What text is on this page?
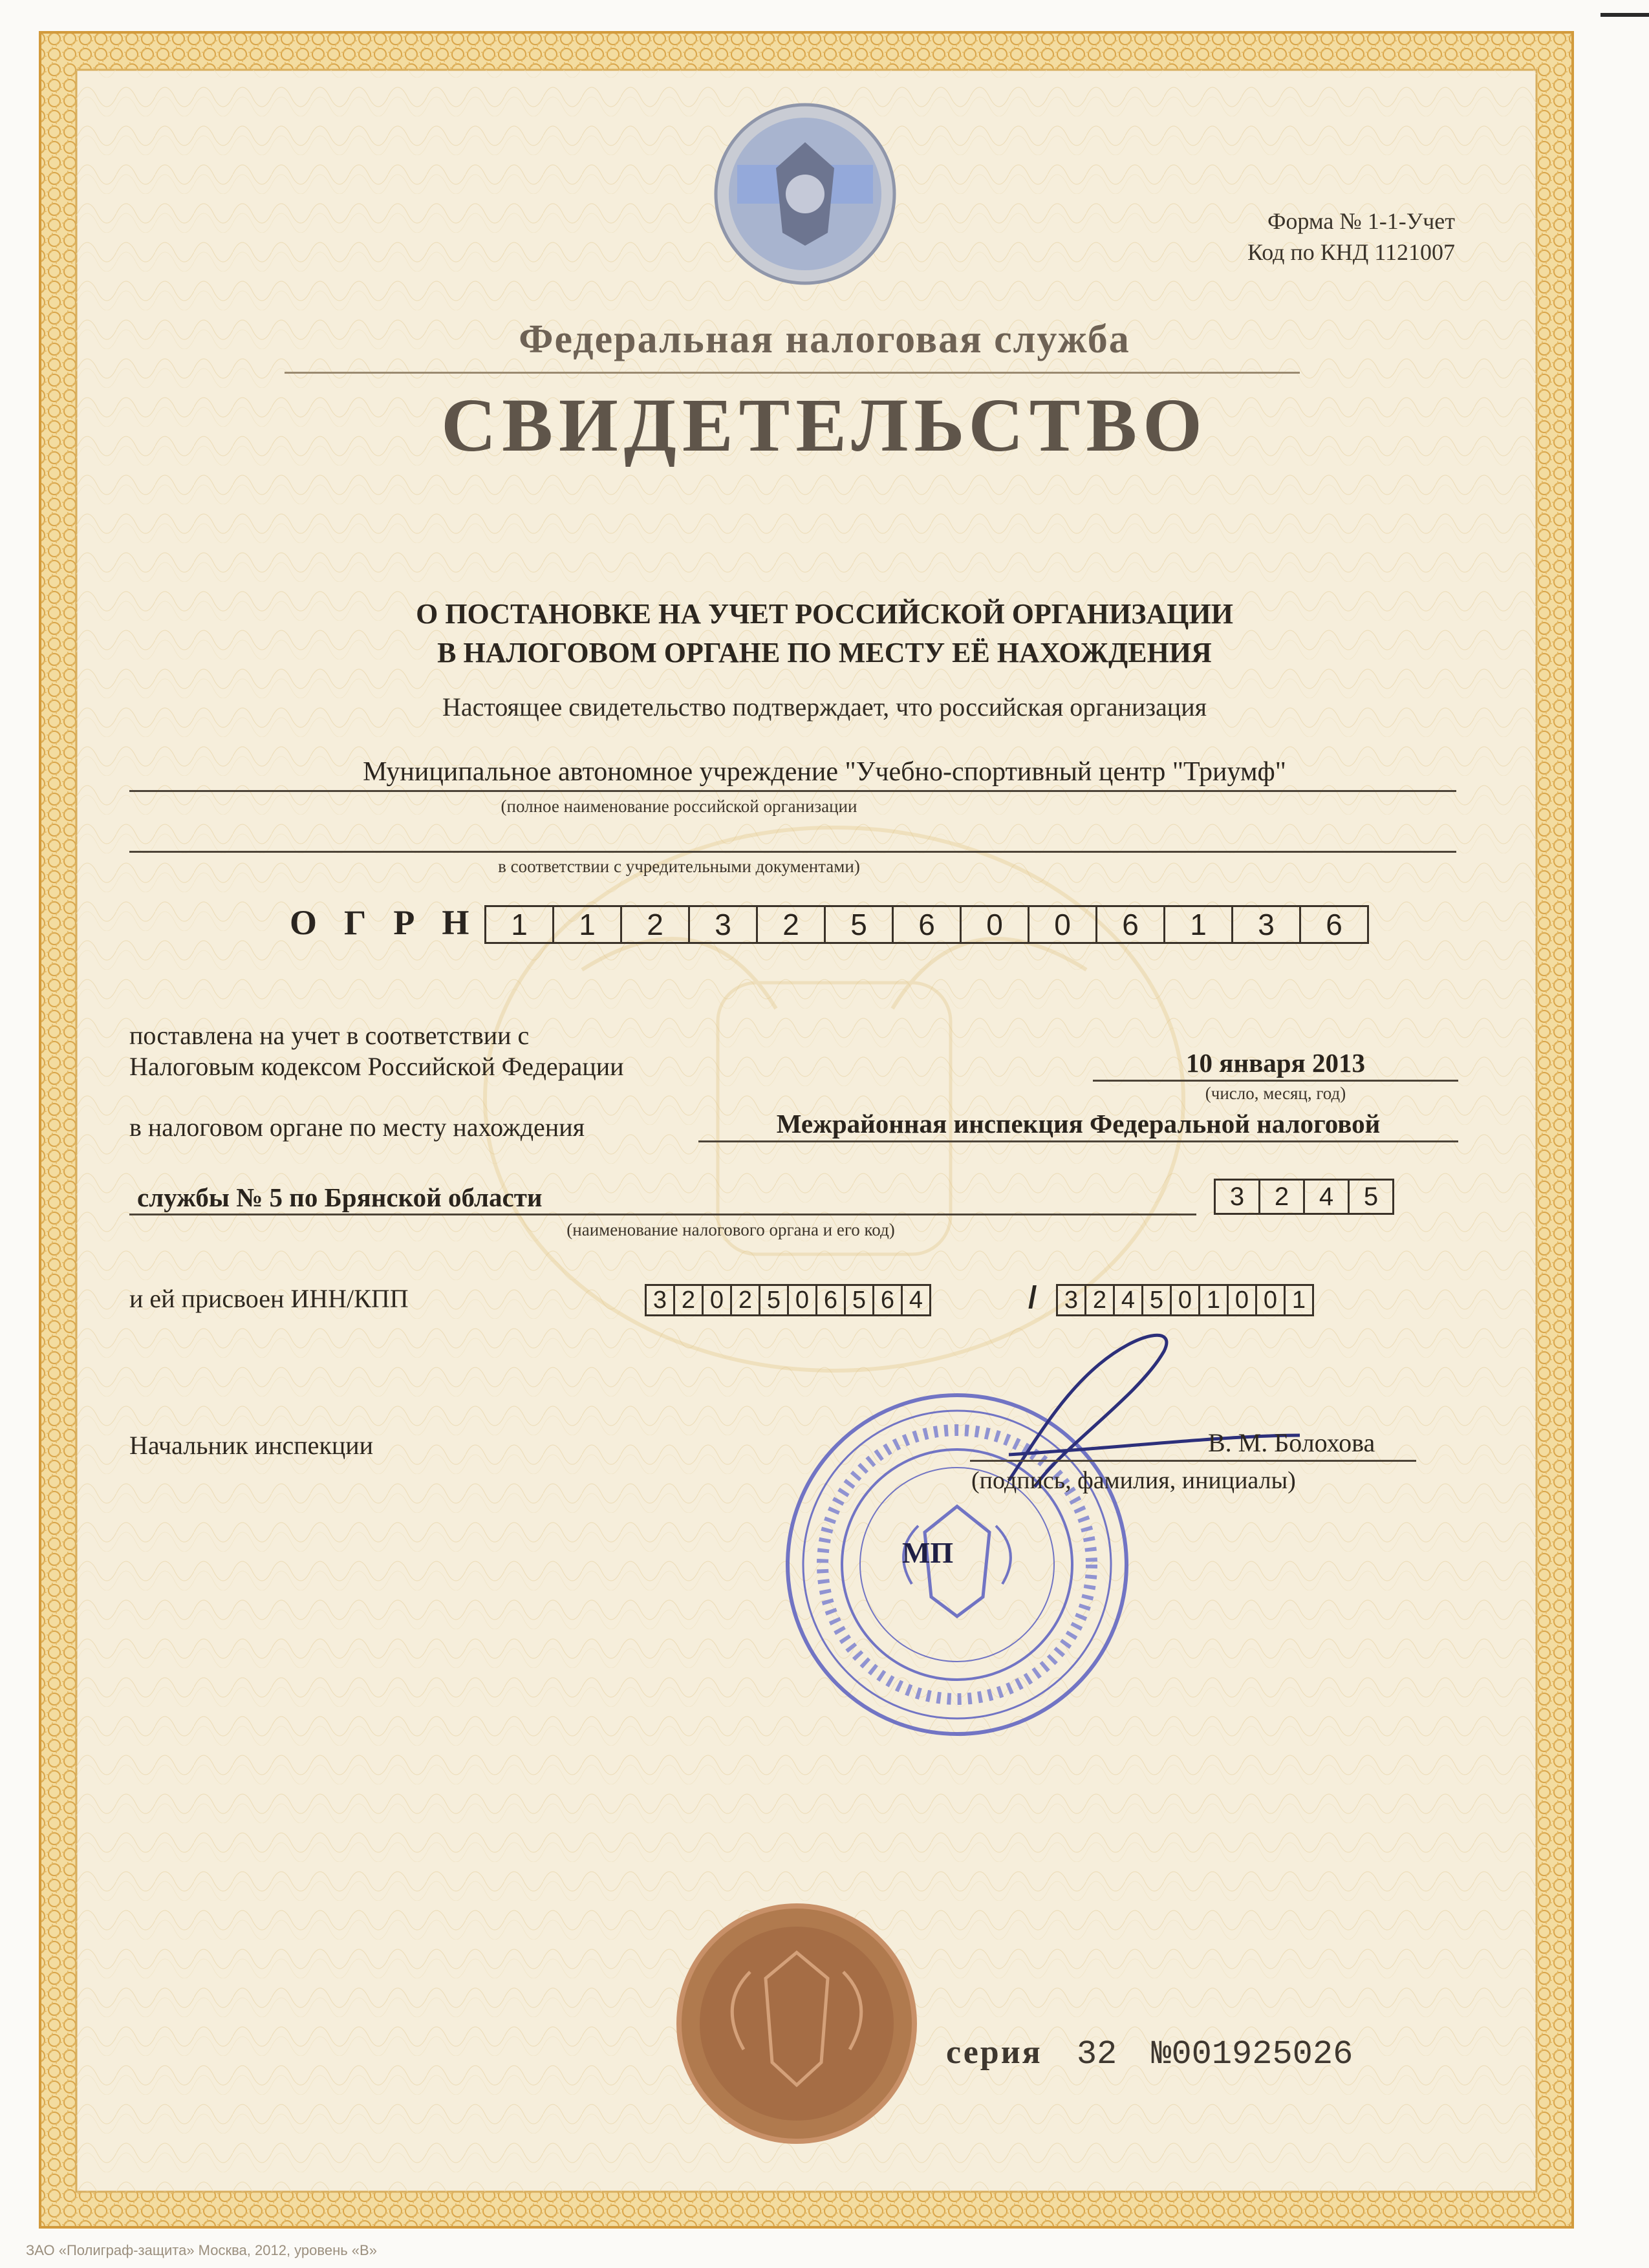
Форма № 1-1-Учет
Код по КНД 1121007
Федеральная налоговая служба
СВИДЕТЕЛЬСТВО
О ПОСТАНОВКЕ НА УЧЕТ РОССИЙСКОЙ ОРГАНИЗАЦИИ
В НАЛОГОВОМ ОРГАНЕ ПО МЕСТУ ЕЁ НАХОЖДЕНИЯ
Настоящее свидетельство подтверждает, что российская организация
Муниципальное автономное учреждение "Учебно-спортивный центр "Триумф"
(полное наименование российской организации
в соответствии с учредительными документами)
ОГРН 1	1	2	3	2	5	6	0	0	6	1	3	6
поставлена на учет в соответствии с
Налоговым кодексом Российской Федерации	10 января 2013
(число, месяц, год)
в налоговом органе по месту нахождения	Межрайонная инспекция Федеральной налоговой
службы № 5 по Брянской области	3	2	4	5
(наименование налогового органа и его код)
и ей присвоен ИНН/КПП	3 2 0 2 5 0 6 5 6 4	/	3 2 4 5 0 1 0 0 1
Начальник инспекции	В. М. Болохова
(подпись, фамилия, инициалы)
МП
серия 32 №001925026
ЗАО «Полиграф-защита» Москва, 2012, уровень «В»
